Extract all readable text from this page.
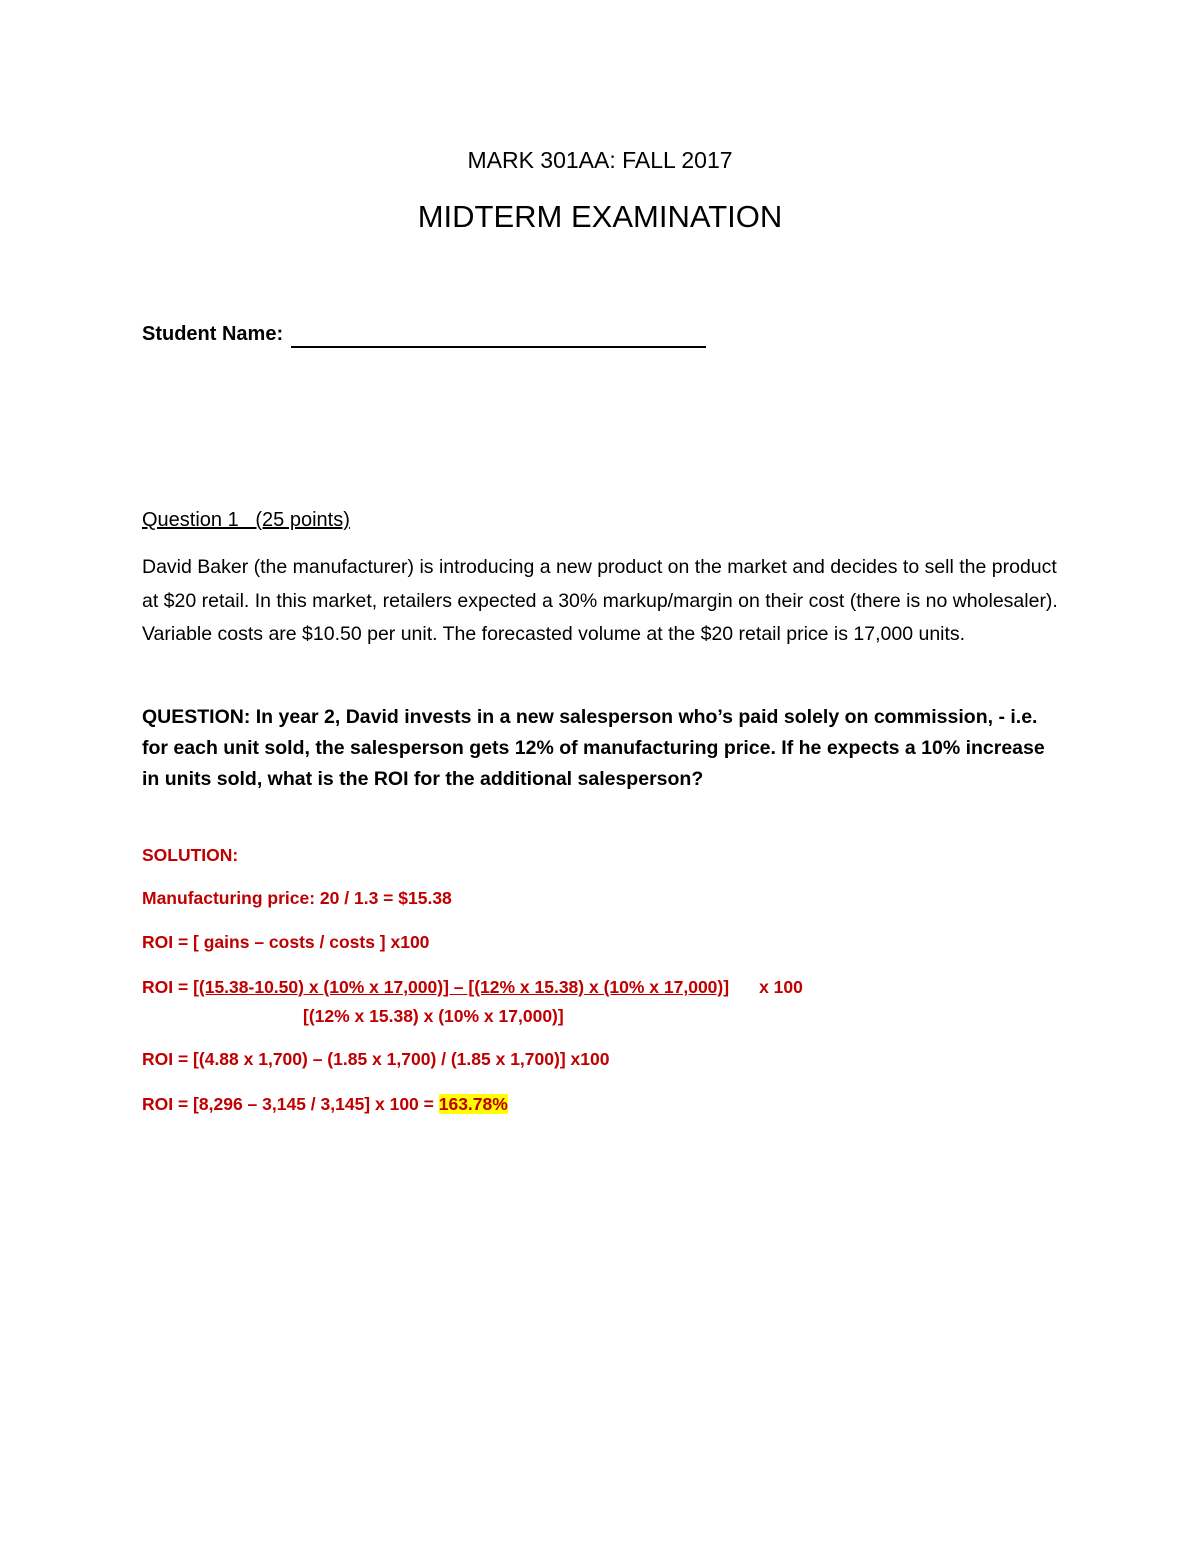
MARK 301AA: FALL 2017
MIDTERM EXAMINATION
Student Name:
Question 1   (25 points)

David Baker (the manufacturer) is introducing a new product on the market and decides to sell the product at $20 retail. In this market, retailers expected a 30% markup/margin on their cost (there is no wholesaler). Variable costs are $10.50 per unit. The forecasted volume at the $20 retail price is 17,000 units.

QUESTION: In year 2, David invests in a new salesperson who’s paid solely on commission, - i.e. for each unit sold, the salesperson gets 12% of manufacturing price. If he expects a 10% increase in units sold, what is the ROI for the additional salesperson?

SOLUTION:
Manufacturing price: 20 / 1.3 = $15.38
ROI = [ gains – costs / costs ] x100
ROI = [(15.38-10.50) x (10% x 17,000)] – [(12% x 15.38) x (10% x 17,000)] x 100
[(12% x 15.38) x (10% x 17,000)]
ROI = [(4.88 x 1,700) – (1.85 x 1,700) / (1.85 x 1,700)] x100
ROI = [8,296 – 3,145 / 3,145] x 100 = 163.78%
